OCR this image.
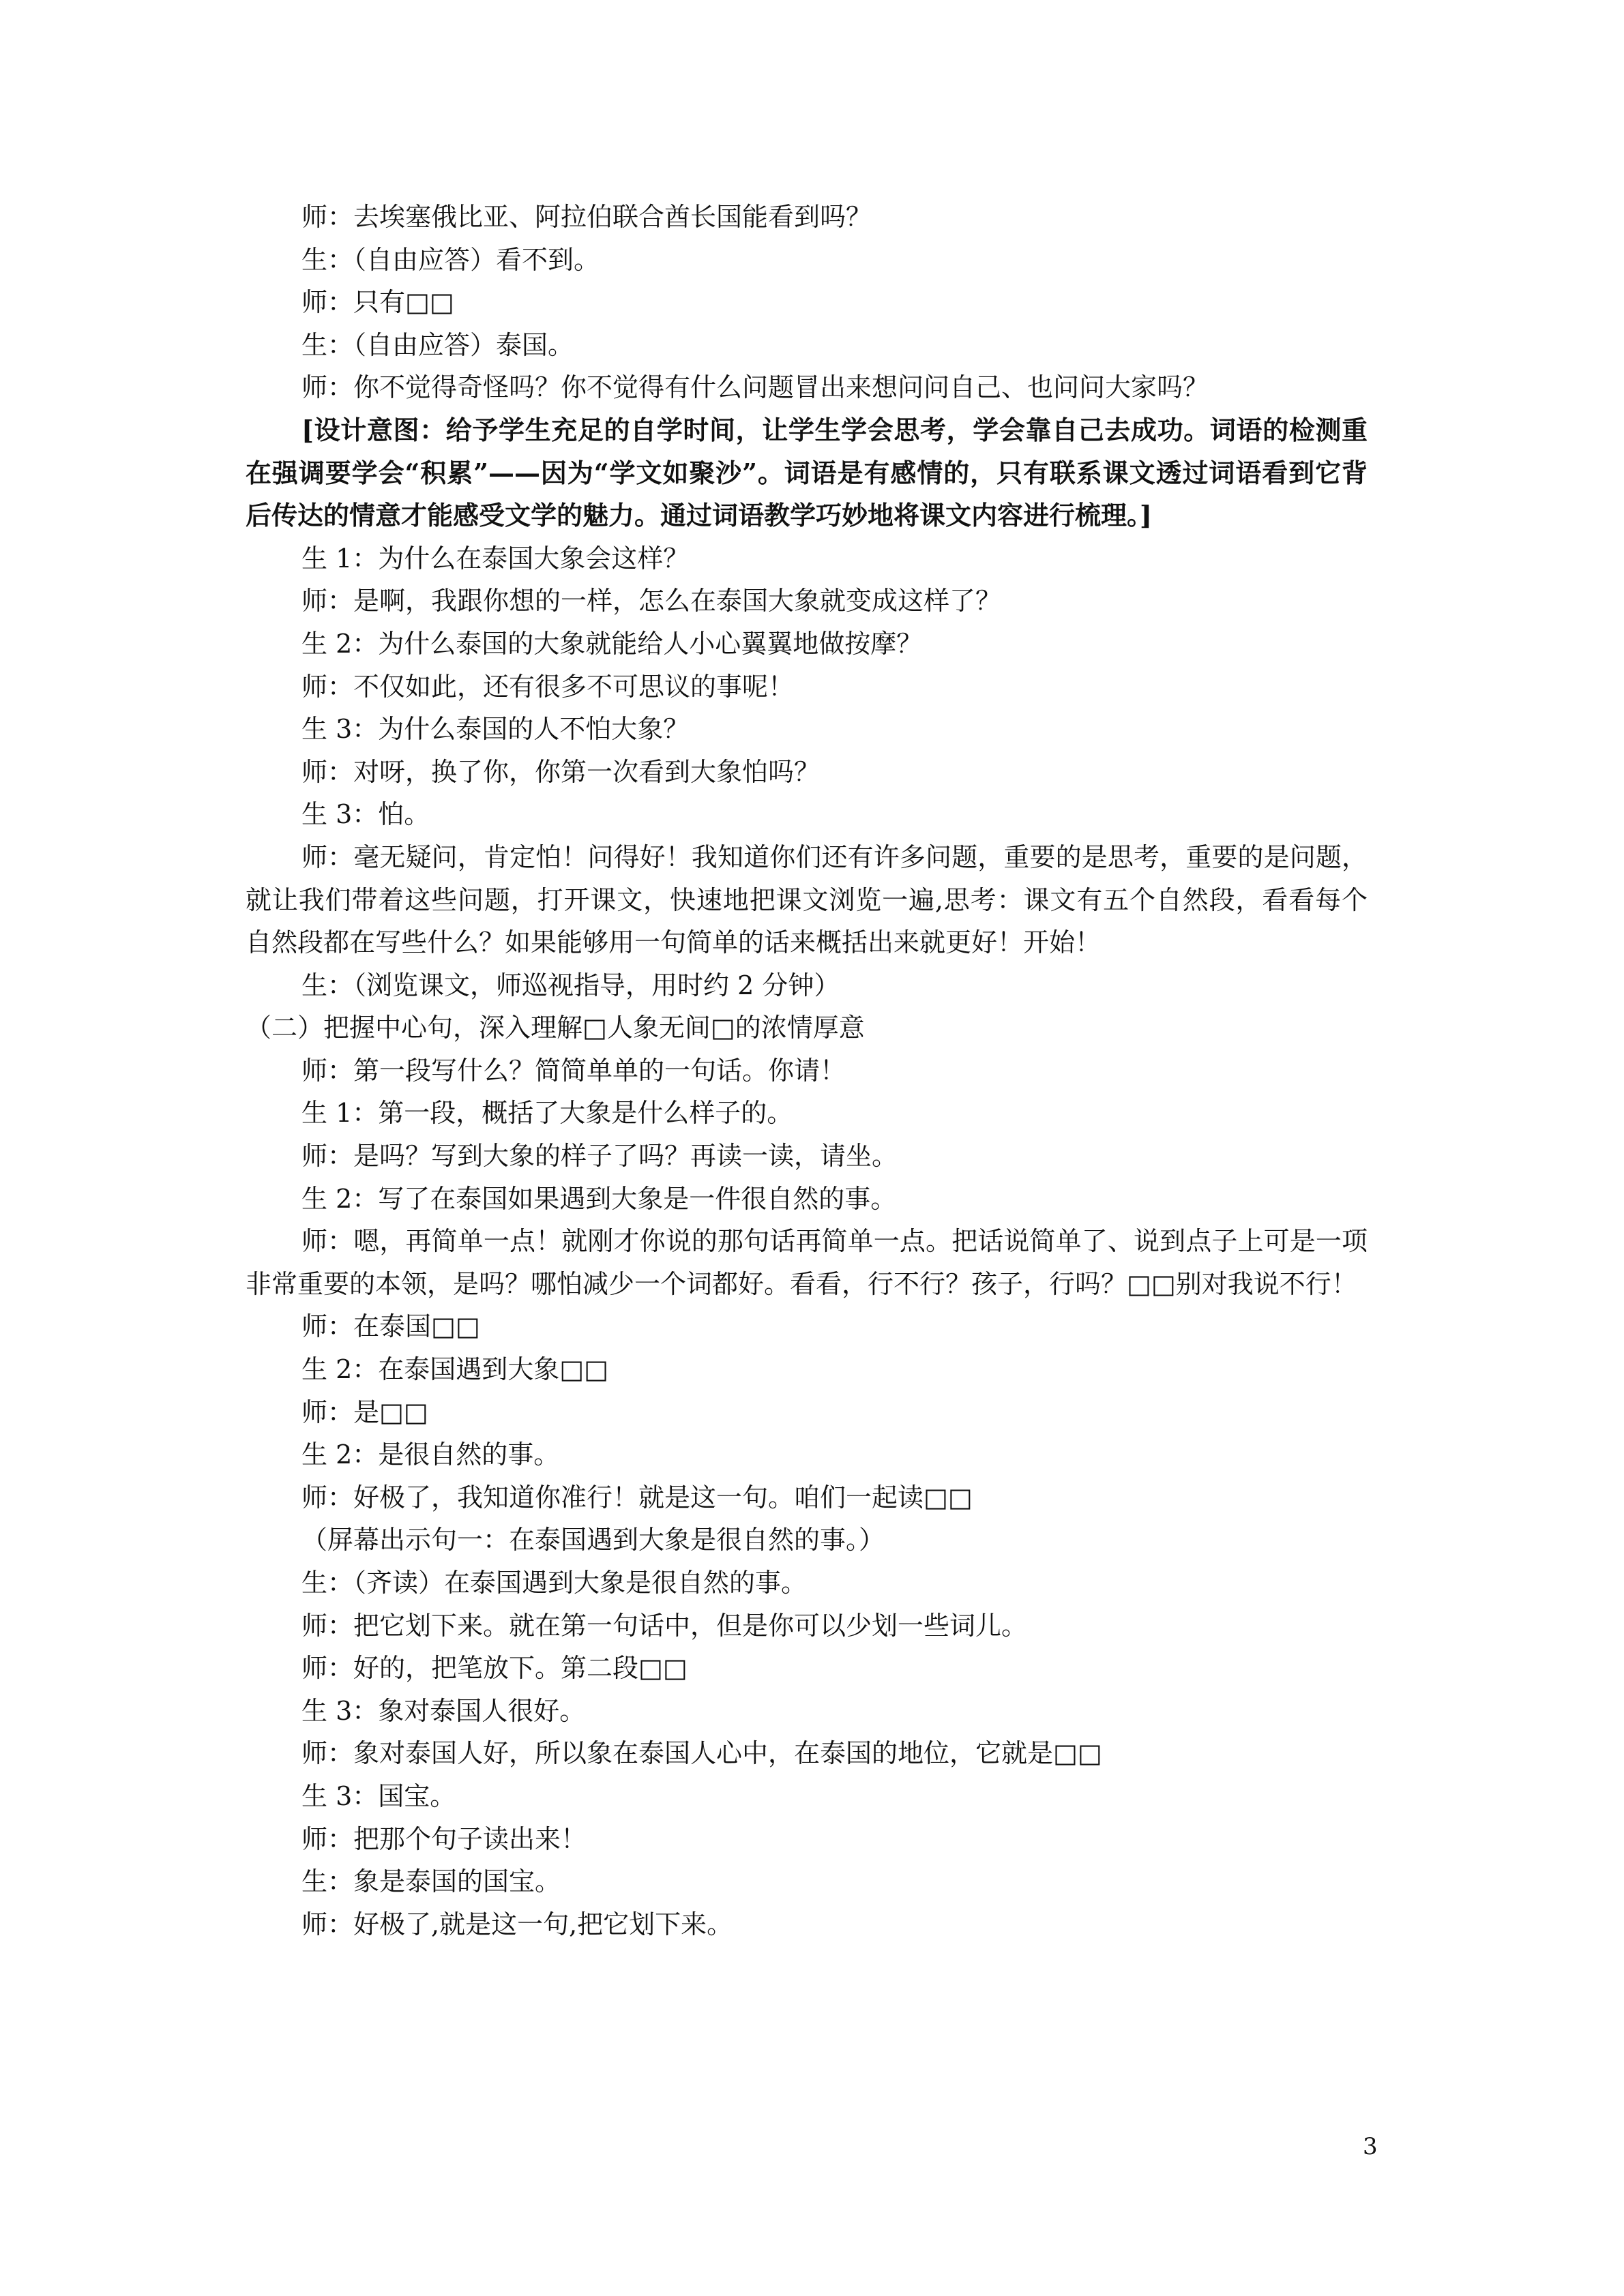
师：去埃塞俄比亚、阿拉伯联合酋长国能看到吗？
生：（自由应答）看不到。
师：只有□□
生：（自由应答）泰国。
师：你不觉得奇怪吗？你不觉得有什么问题冒出来想问问自己、也问问大家吗？
[设计意图：给予学生充足的自学时间，让学生学会思考，学会靠自己去成功。词语的检测重在强调要学会“积累”——因为“学文如聚沙”。词语是有感情的，只有联系课文透过词语看到它背后传达的情意才能感受文学的魅力。通过词语教学巧妙地将课文内容进行梳理。]
生 1：为什么在泰国大象会这样？
师：是啊，我跟你想的一样，怎么在泰国大象就变成这样了？
生 2：为什么泰国的大象就能给人小心翼翼地做按摩？
师：不仅如此，还有很多不可思议的事呢！
生 3：为什么泰国的人不怕大象？
师：对呀，换了你，你第一次看到大象怕吗？
生 3：怕。
师：毫无疑问，肯定怕！问得好！我知道你们还有许多问题，重要的是思考，重要的是问题，就让我们带着这些问题，打开课文，快速地把课文浏览一遍,思考：课文有五个自然段，看看每个自然段都在写些什么？如果能够用一句简单的话来概括出来就更好！开始！
生：（浏览课文，师巡视指导，用时约 2 分钟）
（二）把握中心句，深入理解□人象无间□的浓情厚意
师：第一段写什么？简简单单的一句话。你请！
生 1：第一段，概括了大象是什么样子的。
师：是吗？写到大象的样子了吗？再读一读，请坐。
生 2：写了在泰国如果遇到大象是一件很自然的事。
师：嗯，再简单一点！就刚才你说的那句话再简单一点。把话说简单了、说到点子上可是一项非常重要的本领，是吗？哪怕减少一个词都好。看看，行不行？孩子，行吗？□□别对我说不行！
师：在泰国□□
生 2：在泰国遇到大象□□
师：是□□
生 2：是很自然的事。
师：好极了，我知道你准行！就是这一句。咱们一起读□□
（屏幕出示句一：在泰国遇到大象是很自然的事。）
生：（齐读）在泰国遇到大象是很自然的事。
师：把它划下来。就在第一句话中，但是你可以少划一些词儿。
师：好的，把笔放下。第二段□□
生 3：象对泰国人很好。
师：象对泰国人好，所以象在泰国人心中，在泰国的地位，它就是□□
生 3：国宝。
师：把那个句子读出来！
生：象是泰国的国宝。
师：好极了,就是这一句,把它划下来。
3
